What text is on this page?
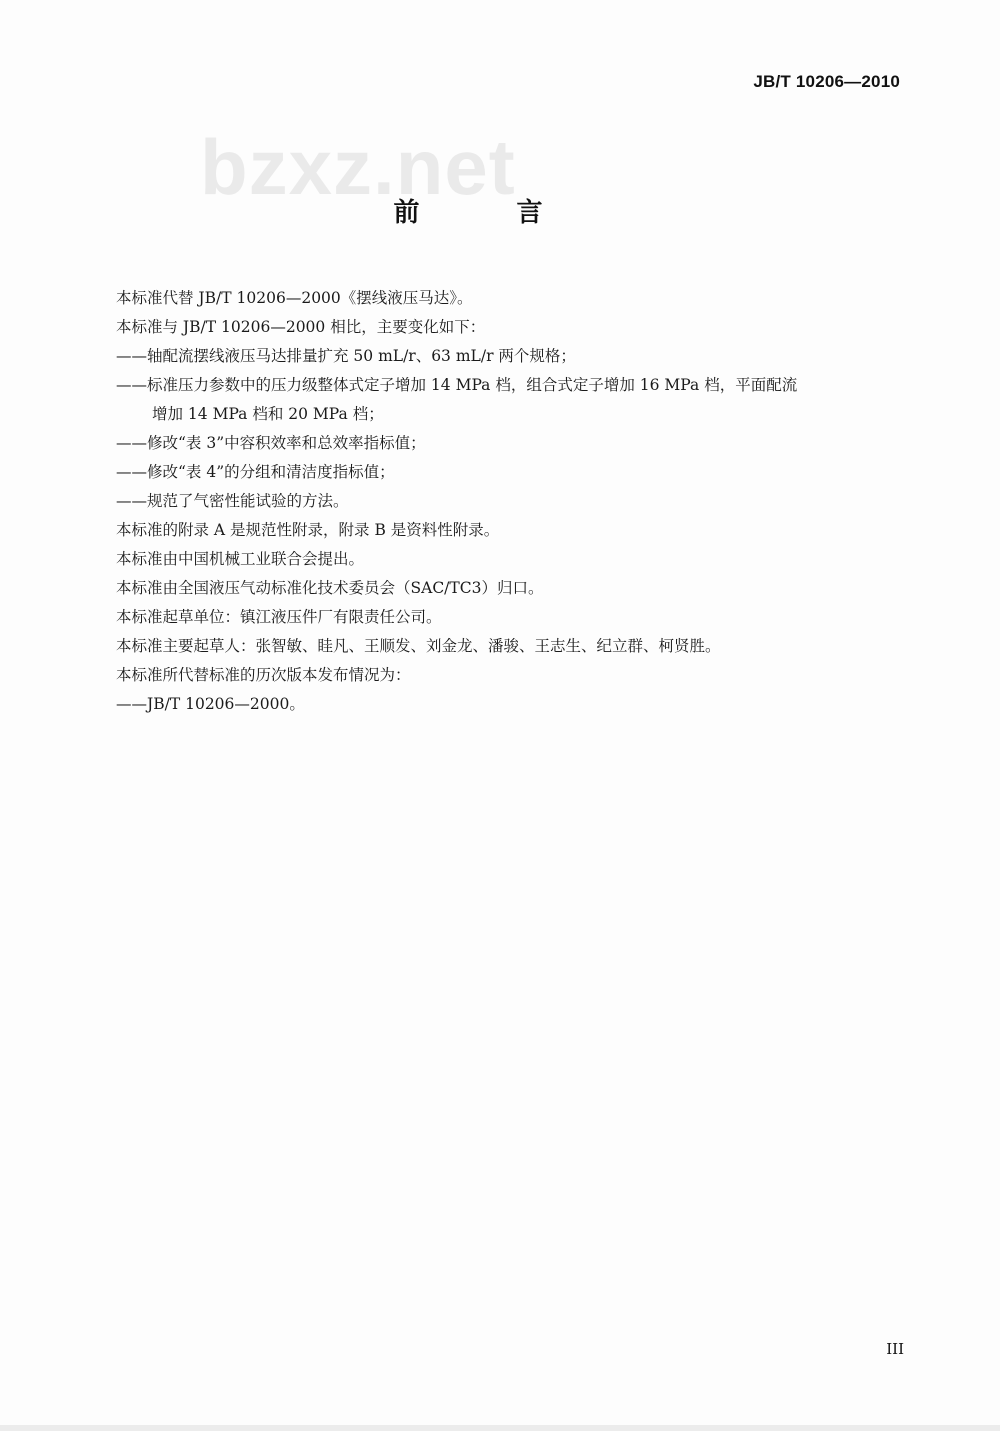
JB/T 10206—2010
bzxz.net
前 言

本标准代替 JB/T 10206—2000《摆线液压马达》。

本标准与 JB/T 10206—2000 相比，主要变化如下：

——轴配流摆线液压马达排量扩充 50 mL/r、63 mL/r 两个规格；

——标准压力参数中的压力级整体式定子增加 14 MPa 档，组合式定子增加 16 MPa 档，平面配流

增加 14 MPa 档和 20 MPa 档；

——修改“表 3”中容积效率和总效率指标值；

——修改“表 4”的分组和清洁度指标值；

——规范了气密性能试验的方法。

本标准的附录 A 是规范性附录，附录 B 是资料性附录。

本标准由中国机械工业联合会提出。

本标准由全国液压气动标准化技术委员会（SAC/TC3）归口。

本标准起草单位：镇江液压件厂有限责任公司。

本标准主要起草人：张智敏、眭凡、王顺发、刘金龙、潘骏、王志生、纪立群、柯贤胜。

本标准所代替标准的历次版本发布情况为：

——JB/T 10206—2000。

III
